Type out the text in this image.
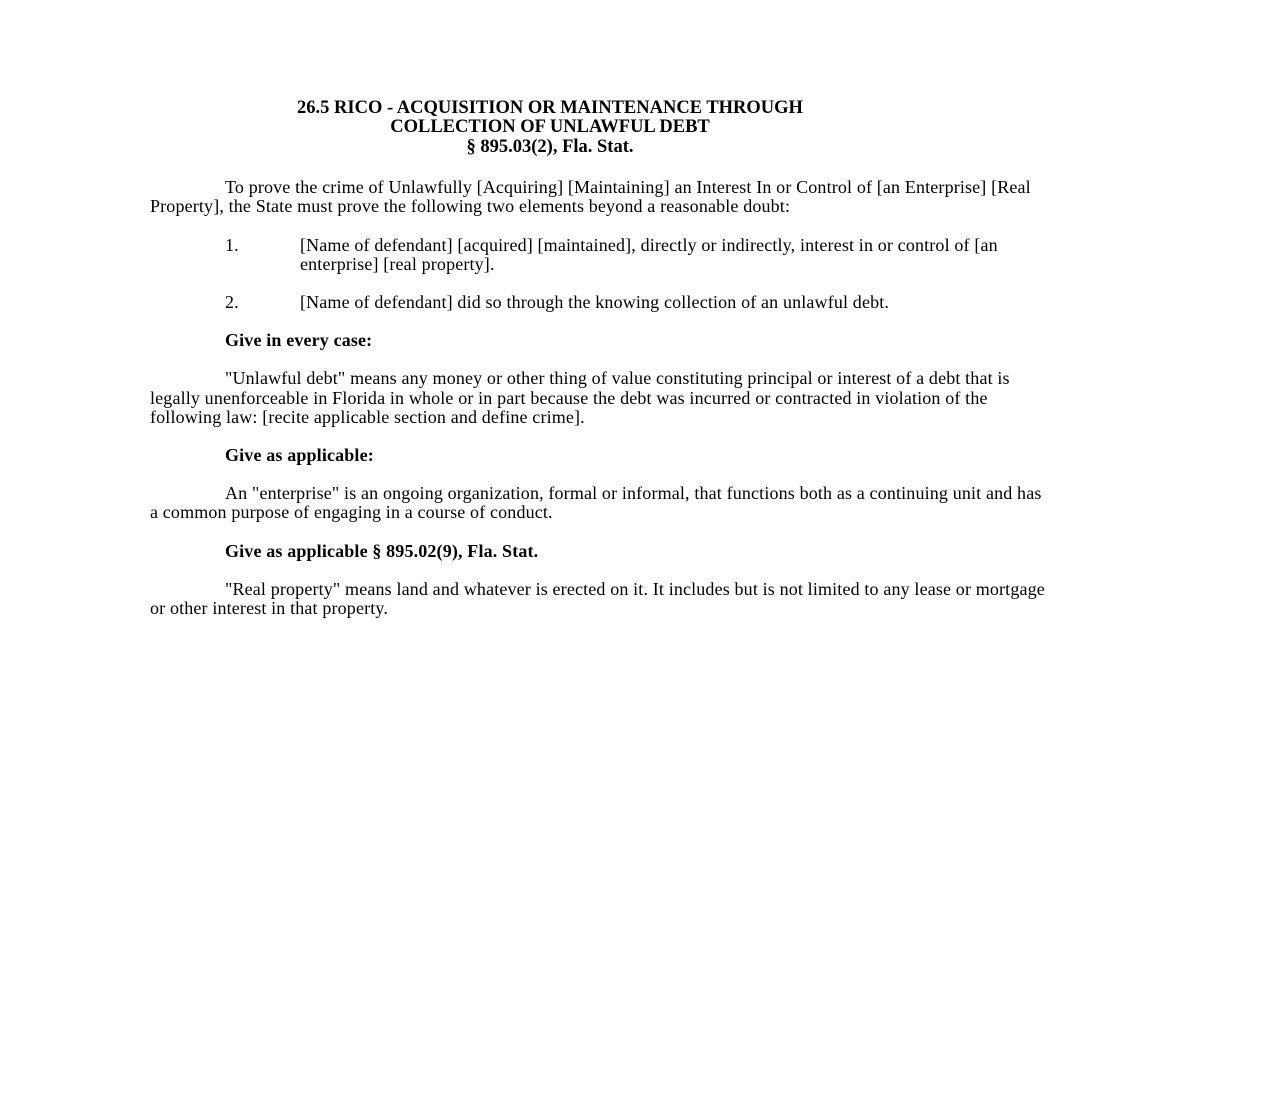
26.5 RICO - ACQUISITION OR MAINTENANCE THROUGH
COLLECTION OF UNLAWFUL DEBT
§ 895.03(2), Fla. Stat.
To prove the crime of Unlawfully [Acquiring] [Maintaining] an Interest In or Control of [an Enterprise] [Real Property], the State must prove the following two elements beyond a reasonable doubt:
1.	[Name of defendant] [acquired] [maintained], directly or indirectly, interest in or control of [an enterprise] [real property].
2.	[Name of defendant] did so through the knowing collection of an unlawful debt.
Give in every case:
"Unlawful debt" means any money or other thing of value constituting principal or interest of a debt that is legally unenforceable in Florida in whole or in part because the debt was incurred or contracted in violation of the following law: [recite applicable section and define crime].
Give as applicable:
An "enterprise" is an ongoing organization, formal or informal, that functions both as a continuing unit and has a common purpose of engaging in a course of conduct.
Give as applicable § 895.02(9), Fla. Stat.
"Real property" means land and whatever is erected on it. It includes but is not limited to any lease or mortgage or other interest in that property.
